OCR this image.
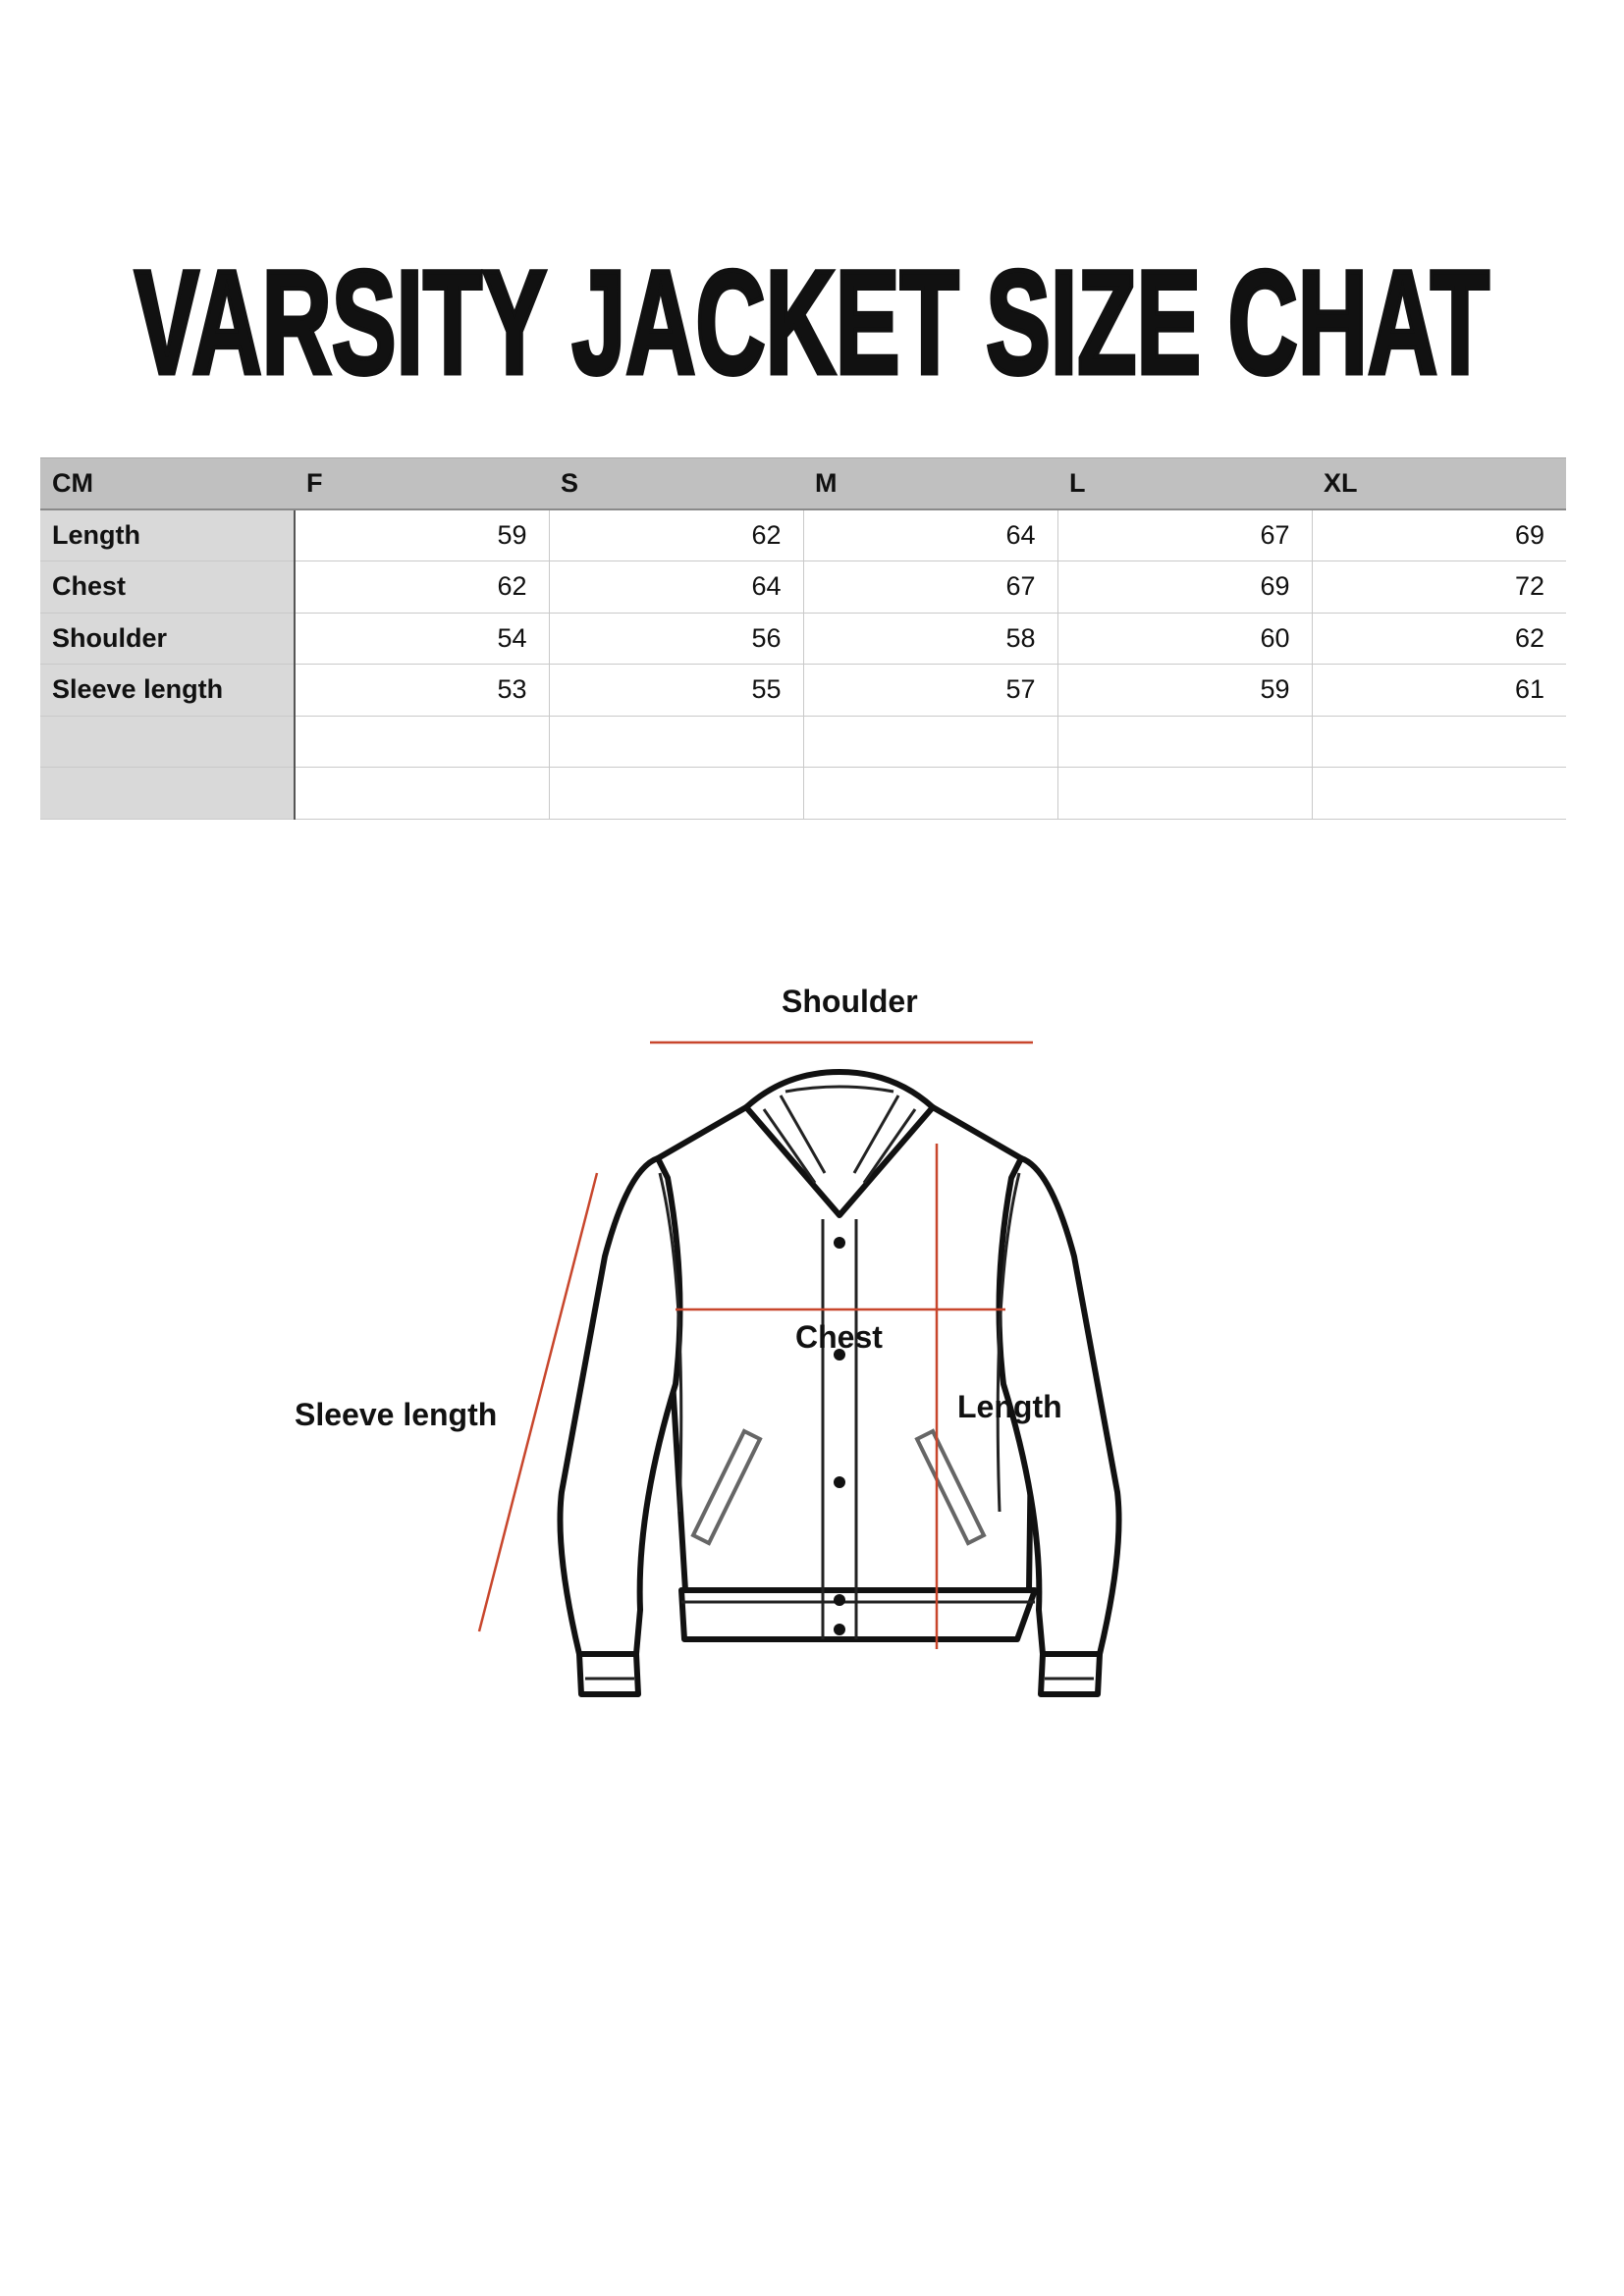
VARSITY JACKET SIZE CHAT
CM	F	S	M	L	XL
Length	59	62	64	67	69
Chest	62	64	67	69	72
Shoulder	54	56	58	60	62
Sleeve length	53	55	57	59	61

Shoulder
Chest
Length
Sleeve length
